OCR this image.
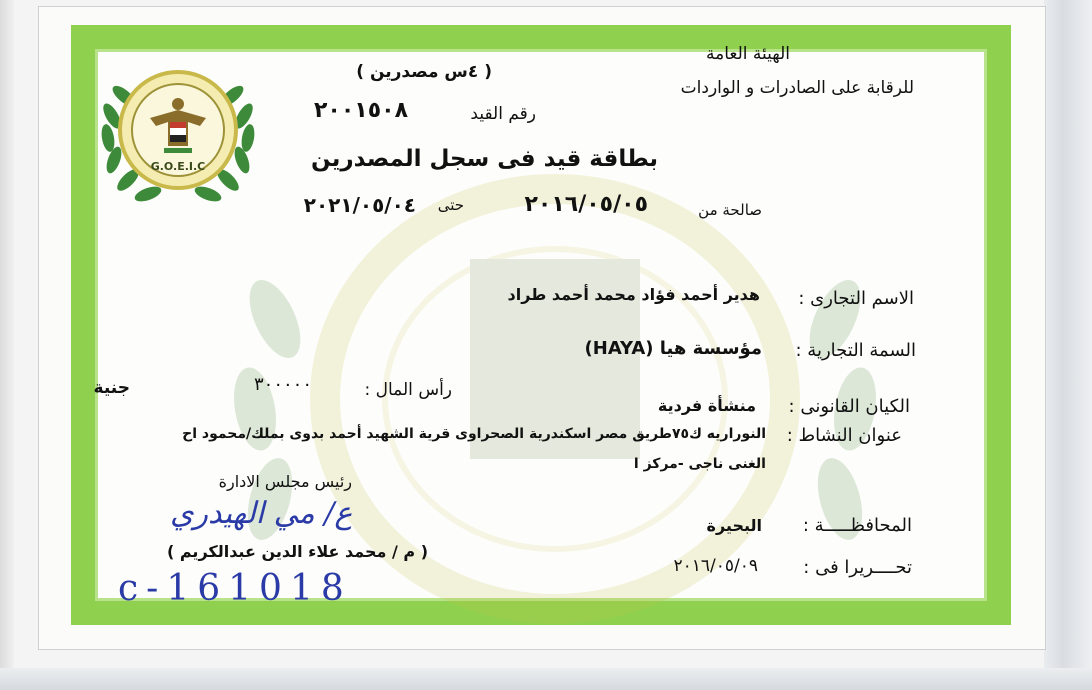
G.O.E.I.C
الهيئة العامة
للرقابة على الصادرات و الواردات
( ٤س مصدرين )
رقم القيد
٢٠٠١٥٠٨
بطاقة قيد فى سجل المصدرين
صالحة من
٢٠١٦/٠٥/٠٥
حتى
٢٠٢١/٠٥/٠٤
الاسم التجارى :
هدير أحمد فؤاد محمد أحمد طراد
السمة التجارية :
مؤسسة هيا (HAYA)
رأس المال :
٣٠٠٠٠٠
جنية
الكيان القانونى :
منشأة فردية
عنوان النشاط :
النوراريه ك٧٥طريق مصر اسكندرية الصحراوى قرية الشهيد أحمد بدوى بملك/محمود اح
الغنى ناجى -مركز ا
المحافظـــــة :
البحيرة
تحــــريرا فى :
٢٠١٦/٠٥/٠٩
رئيس مجلس الادارة
ع/ مي الهيدري
( م / محمد علاء الدين عبدالكريم )
c-161018
